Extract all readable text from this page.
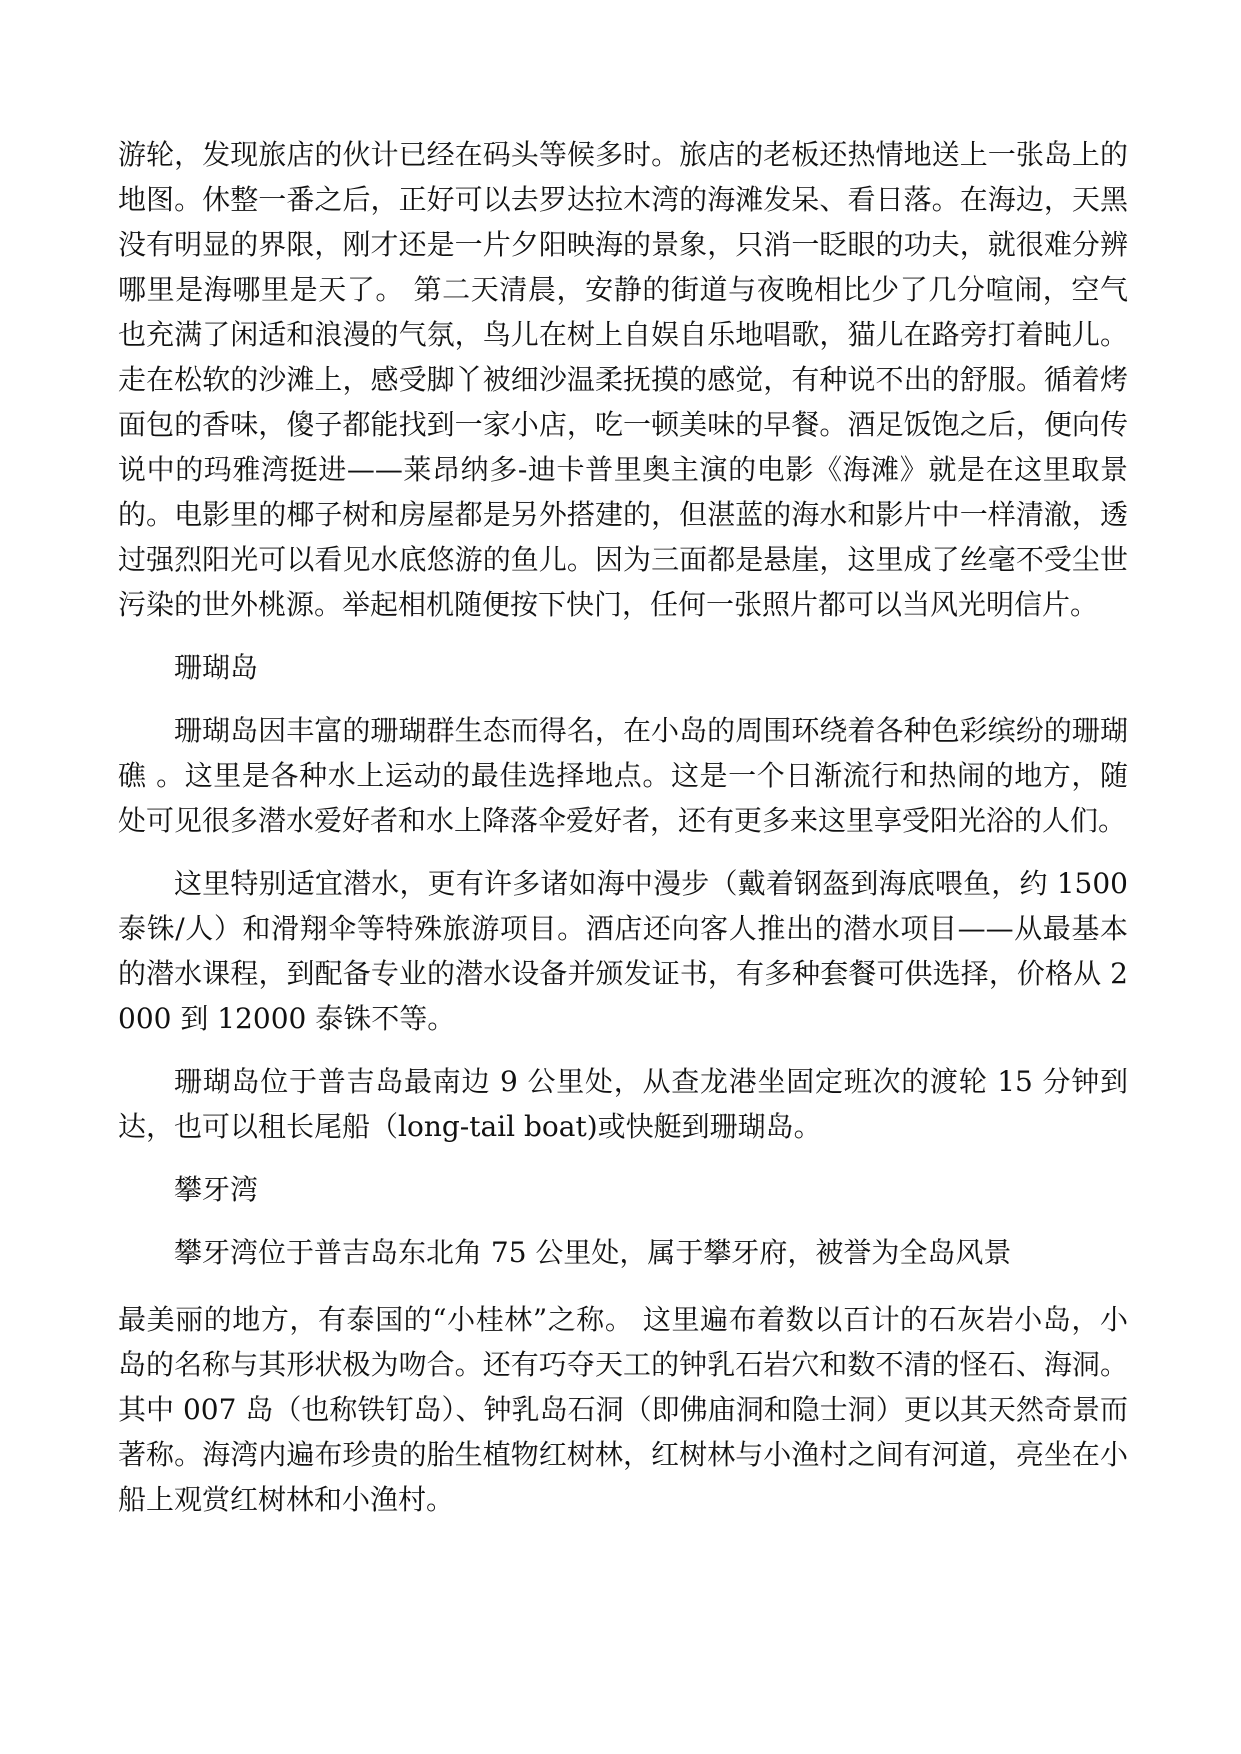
游轮，发现旅店的伙计已经在码头等候多时。旅店的老板还热情地送上一张岛上的地图。休整一番之后，正好可以去罗达拉木湾的海滩发呆、看日落。在海边，天黑没有明显的界限，刚才还是一片夕阳映海的景象，只消一眨眼的功夫，就很难分辨哪里是海哪里是天了。 第二天清晨，安静的街道与夜晚相比少了几分喧闹，空气也充满了闲适和浪漫的气氛，鸟儿在树上自娱自乐地唱歌，猫儿在路旁打着盹儿。走在松软的沙滩上，感受脚丫被细沙温柔抚摸的感觉，有种说不出的舒服。循着烤面包的香味，傻子都能找到一家小店，吃一顿美味的早餐。酒足饭饱之后，便向传说中的玛雅湾挺进——莱昂纳多-迪卡普里奥主演的电影《海滩》就是在这里取景的。电影里的椰子树和房屋都是另外搭建的，但湛蓝的海水和影片中一样清澈，透过强烈阳光可以看见水底悠游的鱼儿。因为三面都是悬崖，这里成了丝毫不受尘世污染的世外桃源。举起相机随便按下快门，任何一张照片都可以当风光明信片。

珊瑚岛

珊瑚岛因丰富的珊瑚群生态而得名，在小岛的周围环绕着各种色彩缤纷的珊瑚礁 。这里是各种水上运动的最佳选择地点。这是一个日渐流行和热闹的地方，随处可见很多潜水爱好者和水上降落伞爱好者，还有更多来这里享受阳光浴的人们。

这里特别适宜潜水，更有许多诸如海中漫步（戴着钢盔到海底喂鱼，约 1500 泰铢/人）和滑翔伞等特殊旅游项目。酒店还向客人推出的潜水项目——从最基本的潜水课程，到配备专业的潜水设备并颁发证书，有多种套餐可供选择，价格从 2000 到 12000 泰铢不等。

珊瑚岛位于普吉岛最南边 9 公里处，从查龙港坐固定班次的渡轮 15 分钟到达，也可以租长尾船（long-tail boat)或快艇到珊瑚岛。

攀牙湾

攀牙湾位于普吉岛东北角 75 公里处，属于攀牙府，被誉为全岛风景

最美丽的地方，有泰国的“小桂林”之称。 这里遍布着数以百计的石灰岩小岛，小岛的名称与其形状极为吻合。还有巧夺天工的钟乳石岩穴和数不清的怪石、海洞。其中 007 岛（也称铁钉岛）、钟乳岛石洞（即佛庙洞和隐士洞）更以其天然奇景而著称。海湾内遍布珍贵的胎生植物红树林，红树林与小渔村之间有河道，亮坐在小船上观赏红树林和小渔村。
